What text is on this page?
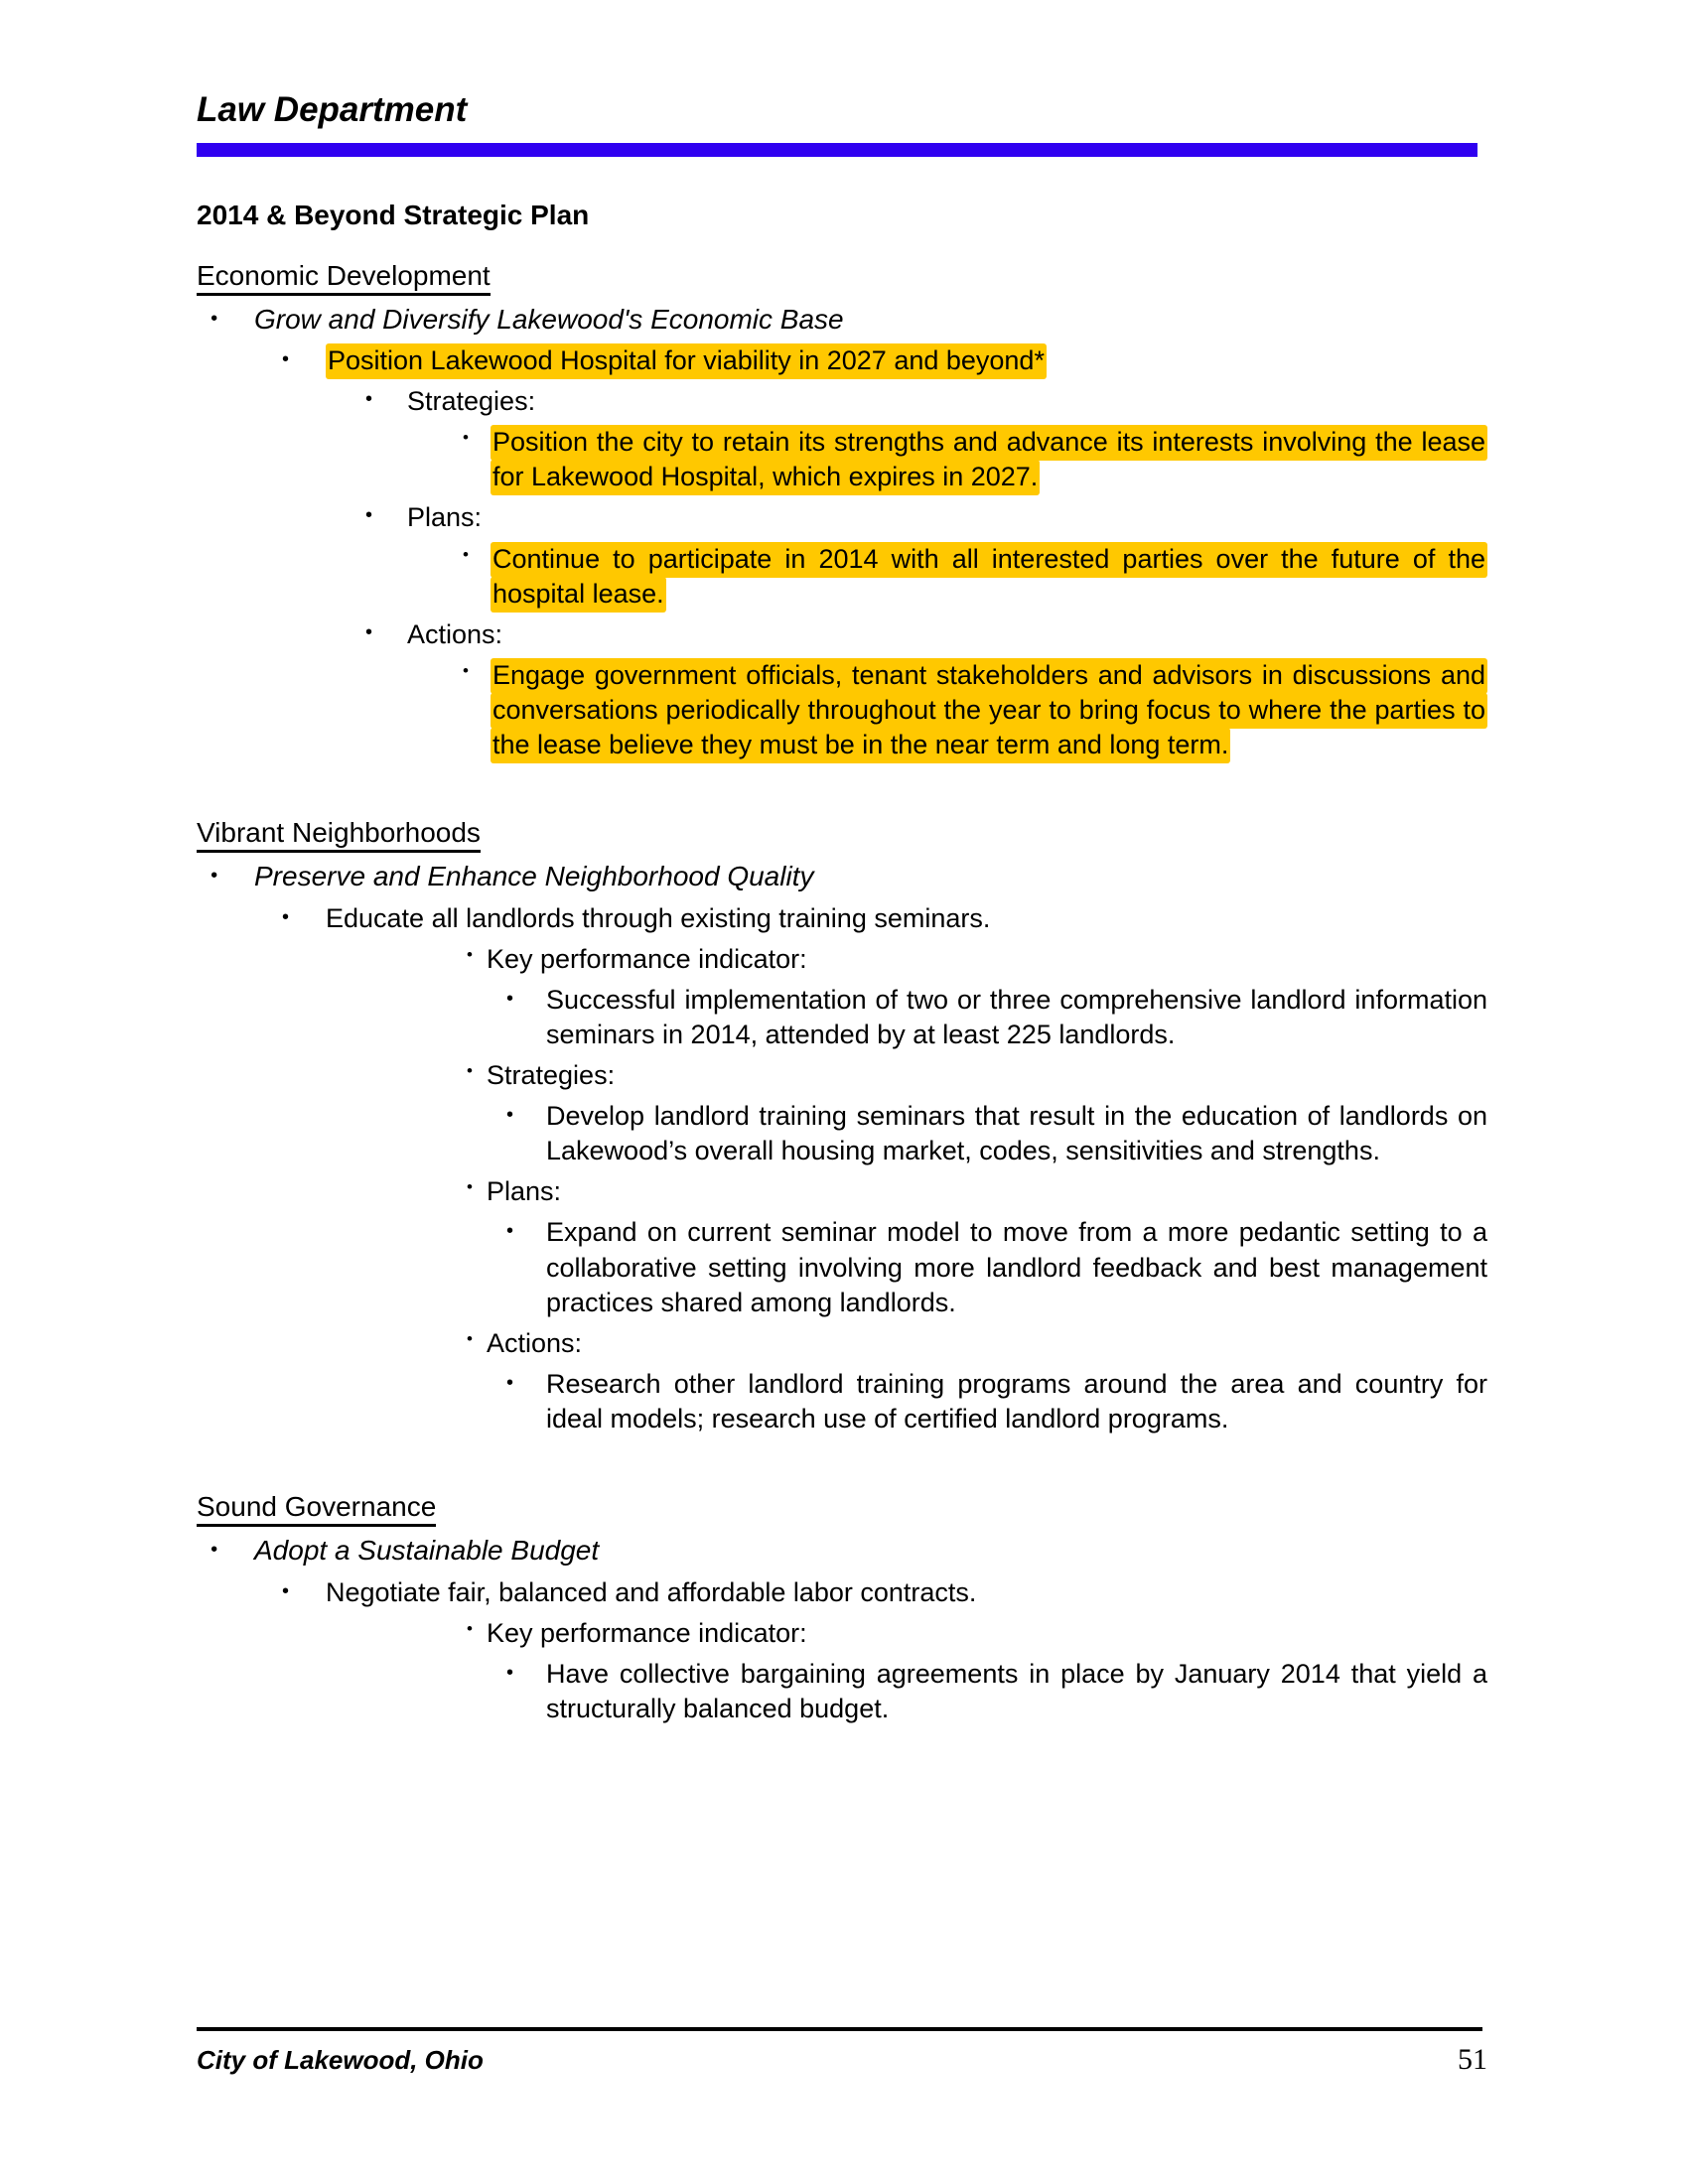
Law Department
2014 & Beyond Strategic Plan
Economic Development
• Grow and Diversify Lakewood's Economic Base
• Position Lakewood Hospital for viability in 2027 and beyond*
• Strategies:
• Position the city to retain its strengths and advance its interests involving the lease for Lakewood Hospital, which expires in 2027.
• Plans:
• Continue to participate in 2014 with all interested parties over the future of the hospital lease.
• Actions:
• Engage government officials, tenant stakeholders and advisors in discussions and conversations periodically throughout the year to bring focus to where the parties to the lease believe they must be in the near term and long term.
Vibrant Neighborhoods
• Preserve and Enhance Neighborhood Quality
• Educate all landlords through existing training seminars.
• Key performance indicator:
• Successful implementation of two or three comprehensive landlord information seminars in 2014, attended by at least 225 landlords.
• Strategies:
• Develop landlord training seminars that result in the education of landlords on Lakewood’s overall housing market, codes, sensitivities and strengths.
• Plans:
• Expand on current seminar model to move from a more pedantic setting to a collaborative setting involving more landlord feedback and best management practices shared among landlords.
• Actions:
• Research other landlord training programs around the area and country for ideal models; research use of certified landlord programs.
Sound Governance
• Adopt a Sustainable Budget
• Negotiate fair, balanced and affordable labor contracts.
• Key performance indicator:
• Have collective bargaining agreements in place by January 2014 that yield a structurally balanced budget.
City of Lakewood, Ohio	51
